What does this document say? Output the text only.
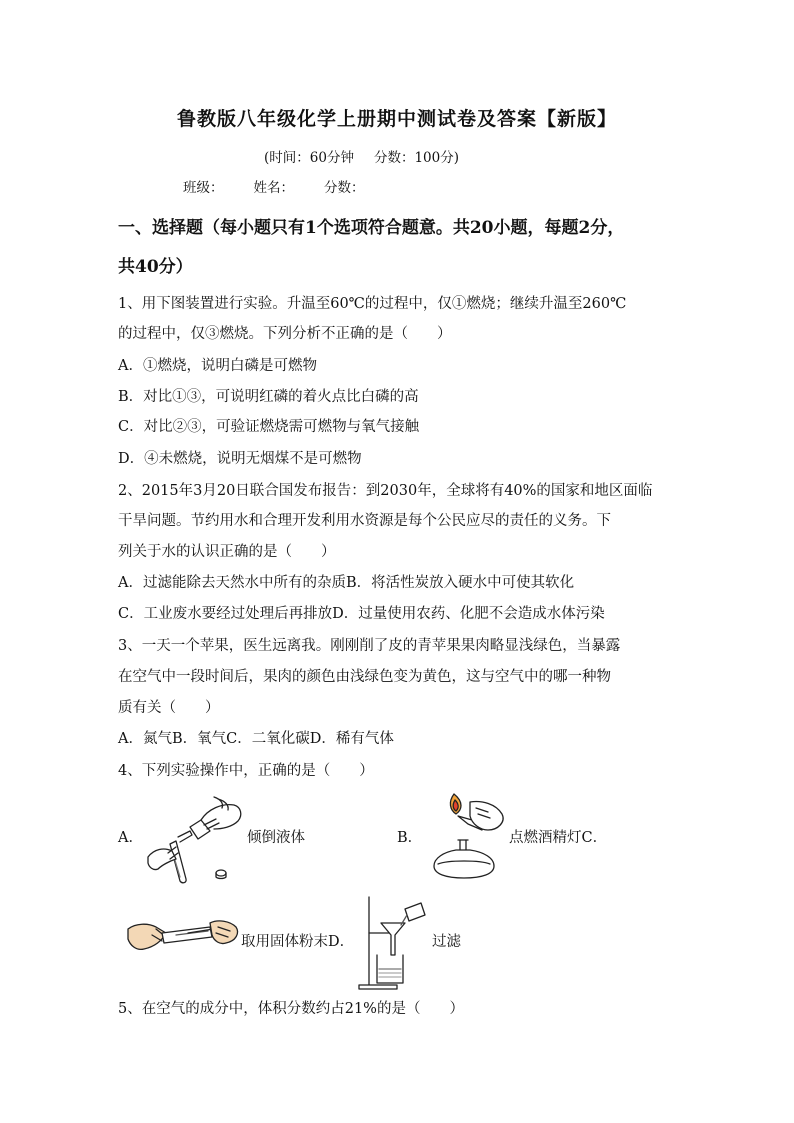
鲁教版八年级化学上册期中测试卷及答案【新版】
(时间：60分钟 分数：100分)
班级： 姓名： 分数：
一、选择题（每小题只有1个选项符合题意。共20小题，每题2分，
共40分）
1、用下图装置进行实验。升温至60℃的过程中，仅①燃烧；继续升温至260℃
的过程中，仅③燃烧。下列分析不正确的是（　　）
A．①燃烧，说明白磷是可燃物
B．对比①③，可说明红磷的着火点比白磷的高
C．对比②③，可验证燃烧需可燃物与氧气接触
D．④未燃烧，说明无烟煤不是可燃物
2、2015年3月20日联合国发布报告：到2030年，全球将有40%的国家和地区面临
干旱问题。节约用水和合理开发利用水资源是每个公民应尽的责任的义务。下
列关于水的认识正确的是（　　）
A．过滤能除去天然水中所有的杂质B．将活性炭放入硬水中可使其软化
C．工业废水要经过处理后再排放D．过量使用农药、化肥不会造成水体污染
3、一天一个苹果，医生远离我。刚刚削了皮的青苹果果肉略显浅绿色，当暴露
在空气中一段时间后，果肉的颜色由浅绿色变为黄色，这与空气中的哪一种物
质有关（　　）
A．氮气B．氧气C．二氧化碳D．稀有气体
4、下列实验操作中，正确的是（　　）
A．	倾倒液体	B．	点燃酒精灯C．
取用固体粉末D．	过滤
5、在空气的成分中，体积分数约占21%的是（　　）
